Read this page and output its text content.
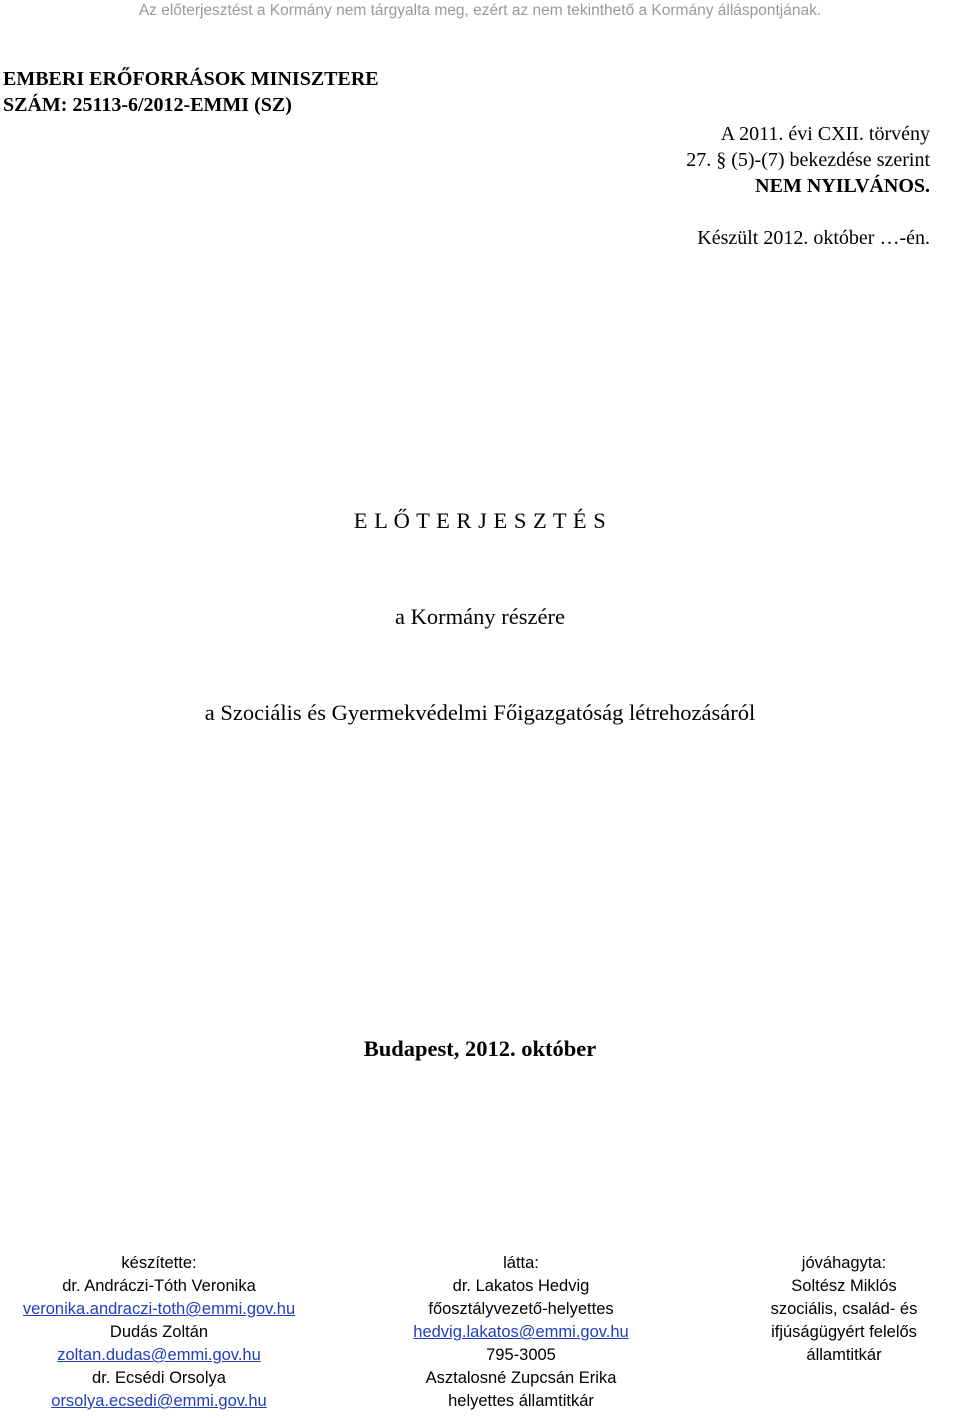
Az előterjesztést a Kormány nem tárgyalta meg, ezért az nem tekinthető a Kormány álláspontjának.
EMBERI ERŐFORRÁSOK MINISZTERE
SZÁM: 25113-6/2012-EMMI (SZ)
A 2011. évi CXII. törvény
27. § (5)-(7) bekezdése szerint
NEM NYILVÁNOS.
Készült 2012. október …-én.
E L Ő T E R J E S Z T É S
a Kormány részére
a Szociális és Gyermekvédelmi Főigazgatóság létrehozásáról
Budapest, 2012. október
készítette:
dr. Andráczi-Tóth Veronika
veronika.andraczi-toth@emmi.gov.hu
Dudás Zoltán
zoltan.dudas@emmi.gov.hu
dr. Ecsédi Orsolya
orsolya.ecsedi@emmi.gov.hu
látta:
dr. Lakatos Hedvig
főosztályvezető-helyettes
hedvig.lakatos@emmi.gov.hu
795-3005
Asztalosné Zupcsán Erika
helyettes államtitkár
jóváhagyta:
Soltész Miklós
szociális, család- és
ifjúságügyért felelős
államtitkár
